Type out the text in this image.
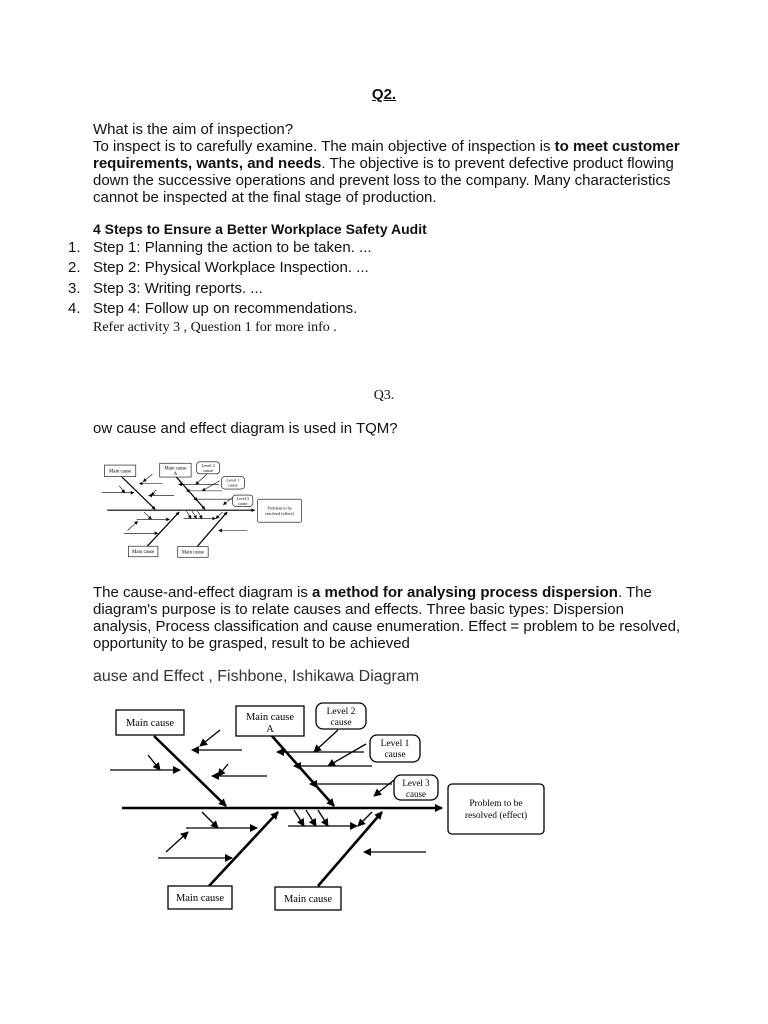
Q2.
What is the aim of inspection?
To inspect is to carefully examine. The main objective of inspection is to meet customer requirements, wants, and needs. The objective is to prevent defective product flowing down the successive operations and prevent loss to the company. Many characteristics cannot be inspected at the final stage of production.
4 Steps to Ensure a Better Workplace Safety Audit
1. Step 1: Planning the action to be taken. ...
2. Step 2: Physical Workplace Inspection. ...
3. Step 3: Writing reports. ...
4. Step 4: Follow up on recommendations.
Refer activity 3 , Question 1 for more info .
Q3.
ow cause and effect diagram is used in TQM?
Main cause
Main cause
A
Level 2
cause
Level 1
cause
Level 3
cause
Problem to be
resolved (effect)
Main cause	Main cause
The cause-and-effect diagram is a method for analysing process dispersion. The diagram's purpose is to relate causes and effects. Three basic types: Dispersion analysis, Process classification and cause enumeration. Effect = problem to be resolved, opportunity to be grasped, result to be achieved
ause and Effect , Fishbone, Ishikawa Diagram
Main cause
Main cause
A
Level 2
cause
Level 1
cause
Level 3
cause
Problem to be
resolved (effect)
Main cause	Main cause
